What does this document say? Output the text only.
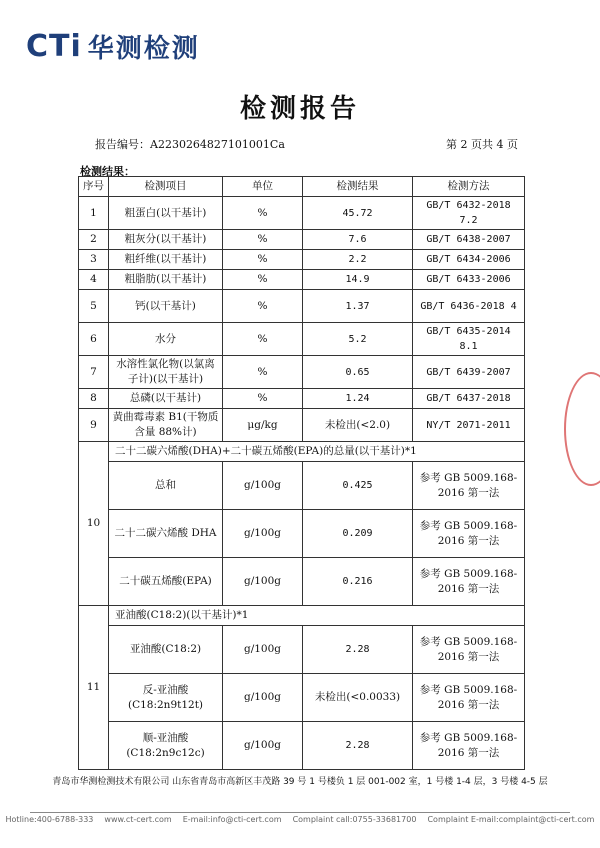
CTi 华测检测
检测报告
报告编号：A2230264827101001Ca	第 2 页共 4 页
检测结果：
序号	检测项目	单位	检测结果	检测方法
1	粗蛋白(以干基计)	%	45.72	GB/T 6432-2018 7.2
2	粗灰分(以干基计)	%	7.6	GB/T 6438-2007
3	粗纤维(以干基计)	%	2.2	GB/T 6434-2006
4	粗脂肪(以干基计)	%	14.9	GB/T 6433-2006
5	钙(以干基计)	%	1.37	GB/T 6436-2018 4
6	水分	%	5.2	GB/T 6435-2014 8.1
7	水溶性氯化物(以氯离子计)(以干基计)	%	0.65	GB/T 6439-2007
8	总磷(以干基计)	%	1.24	GB/T 6437-2018
9	黄曲霉毒素 B1(干物质含量 88%计)	μg/kg	未检出(<2.0)	NY/T 2071-2011
10	二十二碳六烯酸(DHA)+二十碳五烯酸(EPA)的总量(以干基计)*1			
	总和	g/100g	0.425	参考 GB 5009.168-2016 第一法
	二十二碳六烯酸 DHA	g/100g	0.209	参考 GB 5009.168-2016 第一法
	二十碳五烯酸(EPA)	g/100g	0.216	参考 GB 5009.168-2016 第一法
11	亚油酸(C18:2)(以干基计)*1			
	亚油酸(C18:2)	g/100g	2.28	参考 GB 5009.168-2016 第一法
	反-亚油酸 (C18:2n9t12t)	g/100g	未检出(<0.0033)	参考 GB 5009.168-2016 第一法
	顺-亚油酸 (C18:2n9c12c)	g/100g	2.28	参考 GB 5009.168-2016 第一法
青岛市华测检测技术有限公司 山东省青岛市高新区丰茂路 39 号 1 号楼负 1 层 001-002 室，1 号楼 1-4 层，3 号楼 4-5 层
Hotline:400-6788-333 www.ct-cert.com E-mail:info@cti-cert.com Complaint call:0755-33681700 Complaint E-mail:complaint@cti-cert.com
